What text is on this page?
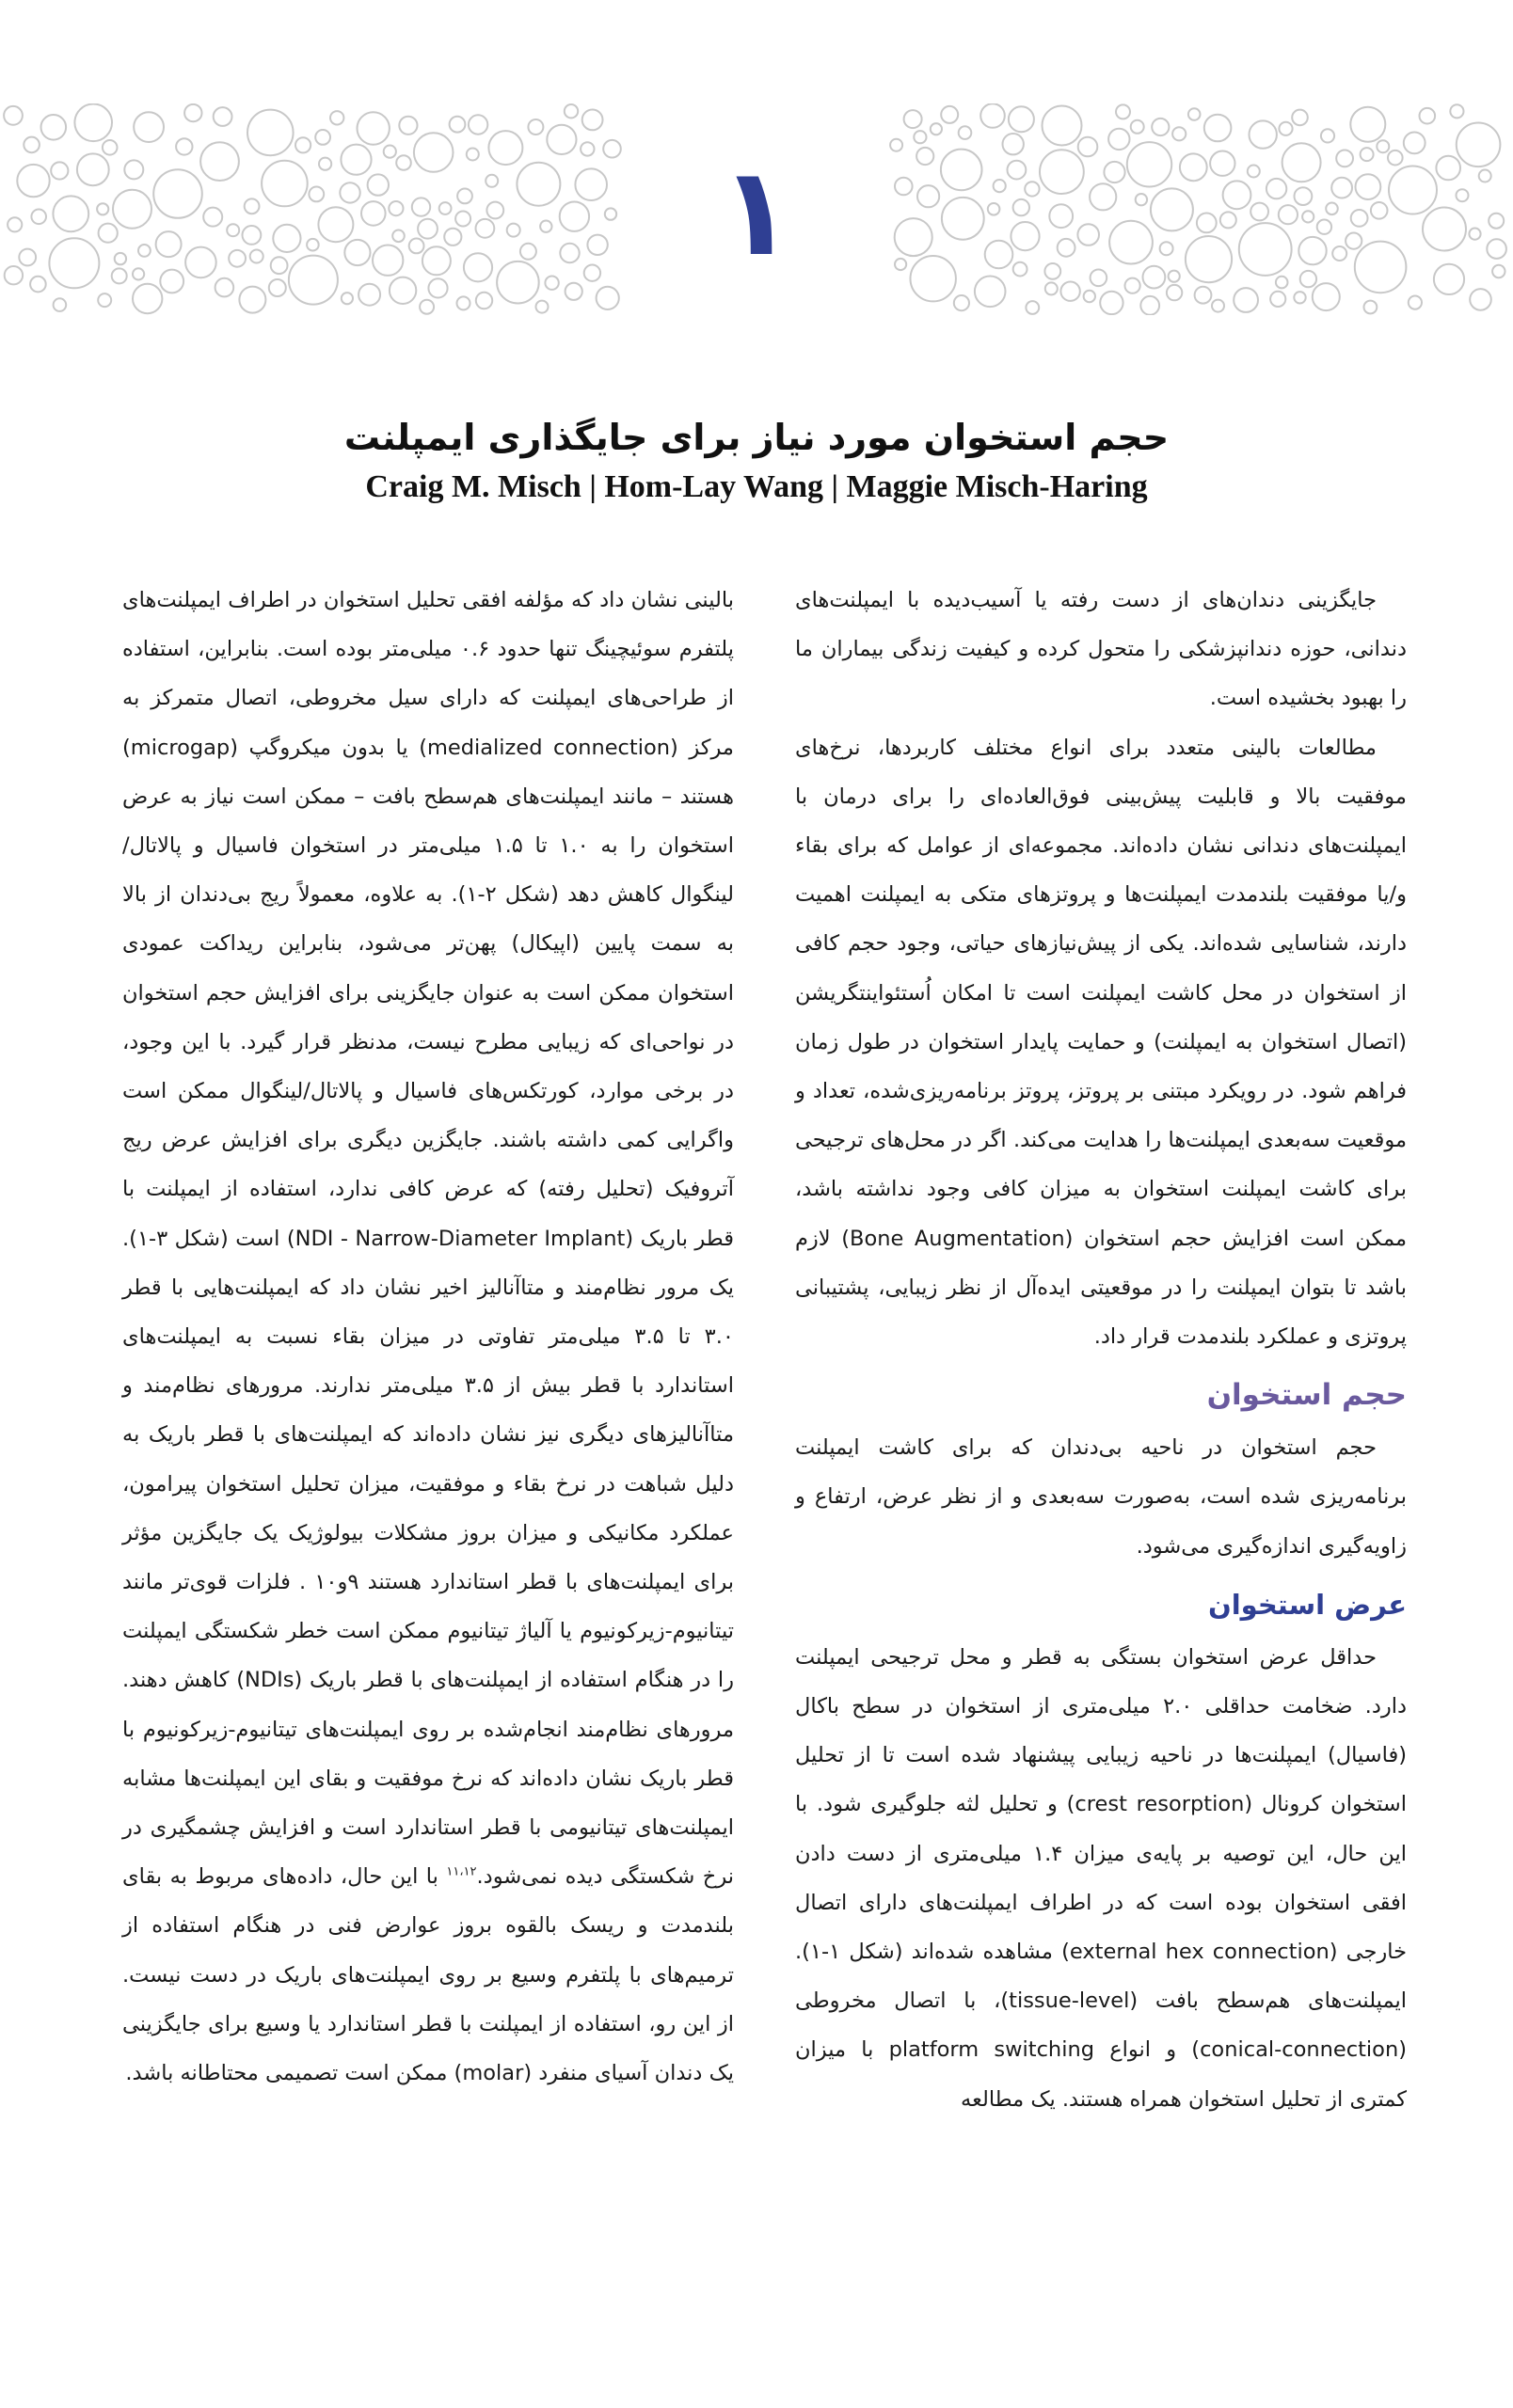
۱
حجم استخوان مورد نیاز برای جایگذاری ایمپلنت
Craig M. Misch | Hom-Lay Wang | Maggie Misch-Haring

جایگزینی دندان‌های از دست رفته یا آسیب‌دیده با ایمپلنت‌های دندانی، حوزه دندانپزشکی را متحول کرده و کیفیت زندگی بیماران ما را بهبود بخشیده است.

مطالعات بالینی متعدد برای انواع مختلف کاربردها، نرخ‌های موفقیت بالا و قابلیت پیش‌بینی فوق‌العاده‌ای را برای درمان با ایمپلنت‌های دندانی نشان داده‌اند. مجموعه‌ای از عوامل که برای بقاء و/یا موفقیت بلندمدت ایمپلنت‌ها و پروتزهای متکی به ایمپلنت اهمیت دارند، شناسایی شده‌اند. یکی از پیش‌نیازهای حیاتی، وجود حجم کافی از استخوان در محل کاشت ایمپلنت است تا امکان اُستئواینتگریشن (اتصال استخوان به ایمپلنت) و حمایت پایدار استخوان در طول زمان فراهم شود. در رویکرد مبتنی بر پروتز، پروتز برنامه‌ریزی‌شده، تعداد و موقعیت سه‌بعدی ایمپلنت‌ها را هدایت می‌کند. اگر در محل‌های ترجیحی برای کاشت ایمپلنت استخوان به میزان کافی وجود نداشته باشد، ممکن است افزایش حجم استخوان (Bone Augmentation) لازم باشد تا بتوان ایمپلنت را در موقعیتی ایده‌آل از نظر زیبایی، پشتیبانی پروتزی و عملکرد بلندمدت قرار داد.

حجم استخوان

حجم استخوان در ناحیه بی‌دندان که برای کاشت ایمپلنت برنامه‌ریزی شده است، به‌صورت سه‌بعدی و از نظر عرض، ارتفاع و زاویه‌گیری اندازه‌گیری می‌شود.

عرض استخوان

حداقل عرض استخوان بستگی به قطر و محل ترجیحی ایمپلنت دارد. ضخامت حداقلی ۲.۰ میلی‌متری از استخوان در سطح باکال (فاسیال) ایمپلنت‌ها در ناحیه زیبایی پیشنهاد شده است تا از تحلیل استخوان کرونال (crest resorption) و تحلیل لثه جلوگیری شود. با این حال، این توصیه بر پایه‌ی میزان ۱.۴ میلی‌متری از دست دادن افقی استخوان بوده است که در اطراف ایمپلنت‌های دارای اتصال خارجی (external hex connection) مشاهده شده‌اند (شکل ۱-۱). ایمپلنت‌های هم‌سطح بافت (tissue-level)، با اتصال مخروطی (conical-connection) و انواع platform switching با میزان کمتری از تحلیل استخوان همراه هستند. یک مطالعه

بالینی نشان داد که مؤلفه افقی تحلیل استخوان در اطراف ایمپلنت‌های پلتفرم سوئیچینگ تنها حدود ۰.۶ میلی‌متر بوده است. بنابراین، استفاده از طراحی‌های ایمپلنت که دارای سیل مخروطی، اتصال متمرکز به مرکز (medialized connection) یا بدون میکروگپ (microgap) هستند – مانند ایمپلنت‌های هم‌سطح بافت – ممکن است نیاز به عرض استخوان را به ۱.۰ تا ۱.۵ میلی‌متر در استخوان فاسیال و پالاتال/لینگوال کاهش دهد (شکل ۲-۱). به علاوه، معمولاً ریج بی‌دندان از بالا به سمت پایین (اپیکال) پهن‌تر می‌شود، بنابراین ریداکت عمودی استخوان ممکن است به عنوان جایگزینی برای افزایش حجم استخوان در نواحی‌ای که زیبایی مطرح نیست، مدنظر قرار گیرد. با این وجود، در برخی موارد، کورتکس‌های فاسیال و پالاتال/لینگوال ممکن است واگرایی کمی داشته باشند. جایگزین دیگری برای افزایش عرض ریج آتروفیک (تحلیل رفته) که عرض کافی ندارد، استفاده از ایمپلنت با قطر باریک (NDI - Narrow-Diameter Implant) است (شکل ۳-۱). یک مرور نظام‌مند و متاآنالیز اخیر نشان داد که ایمپلنت‌هایی با قطر ۳.۰ تا ۳.۵ میلی‌متر تفاوتی در میزان بقاء نسبت به ایمپلنت‌های استاندارد با قطر بیش از ۳.۵ میلی‌متر ندارند. مرورهای نظام‌مند و متاآنالیزهای دیگری نیز نشان داده‌اند که ایمپلنت‌های با قطر باریک به دلیل شباهت در نرخ بقاء و موفقیت، میزان تحلیل استخوان پیرامون، عملکرد مکانیکی و میزان بروز مشکلات بیولوژیک یک جایگزین مؤثر برای ایمپلنت‌های با قطر استاندارد هستند ۹و۱۰ . فلزات قوی‌تر مانند تیتانیوم-زیرکونیوم یا آلیاژ تیتانیوم ممکن است خطر شکستگی ایمپلنت را در هنگام استفاده از ایمپلنت‌های با قطر باریک (NDIs) کاهش دهند. مرورهای نظام‌مند انجام‌شده بر روی ایمپلنت‌های تیتانیوم-زیرکونیوم با قطر باریک نشان داده‌اند که نرخ موفقیت و بقای این ایمپلنت‌ها مشابه ایمپلنت‌های تیتانیومی با قطر استاندارد است و افزایش چشمگیری در نرخ شکستگی دیده نمی‌شود.$^{۱۱،۱۲}$ با این حال، داده‌های مربوط به بقای بلندمدت و ریسک بالقوه بروز عوارض فنی در هنگام استفاده از ترمیم‌های با پلتفرم وسیع بر روی ایمپلنت‌های باریک در دست نیست. از این رو، استفاده از ایمپلنت با قطر استاندارد یا وسیع برای جایگزینی یک دندان آسیای منفرد (molar) ممکن است تصمیمی محتاطانه باشد.
